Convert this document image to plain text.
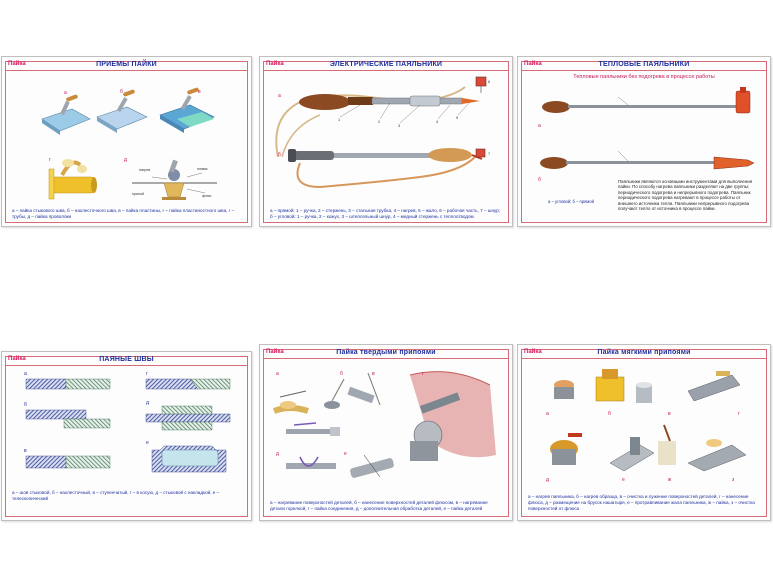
Пайка	ПРИЕМЫ ПАЙКИ
а	б	в
г	д
нагрев	пламя
припой	флюс
а – пайка стыкового шва, б – нахлесточного шва, в – пайка пластины, г – пайка пластиностного шва, г – трубы, д – пайка проволоки
Пайка	ЭЛЕКТРИЧЕСКИЕ ПАЯЛЬНИКИ
а
б
1	2
3
4
5
6
7
а – прямой: 1 – ручка, 2 – стержень, 3 – стальная трубка, 4 – нагрев, 5 – жало, 6 – рабочая часть, 7 – шнур; б – угловой: 1 – ручка, 2 – кожух, 3 – штепсельный шнур, 4 – медный стержень с теплоотводом
Пайка	ТЕПЛОВЫЕ ПАЯЛЬНИКИ
Тепловые паяльники без подогрева в процессе работы
а
б
а – угловой; б – прямой
Паяльники являются основными инструментами для выполнения пайки. По способу нагрева паяльники разделяют на две группы: периодического подогрева и непрерывного подогрева. Паяльник периодического подогрева нагревают в процессе работы от внешнего источника тепла. Паяльники непрерывного подогрева получают тепло от источника в процессе пайки.
Пайка	ПАЯНЫЕ ШВЫ
а
б
в
г
д
е
а – шов стыковой, б – нахлесточный, в – ступенчатый, г – в косую, д – стыковой с накладкой, е – телескопический
Пайка	Пайка твердыми припоями
а	б	в	г
д	е
а – нагревание поверхностей деталей, б – нанесение поверхностей деталей флюсом, в – нагревание детали горелкой, г – пайка соединения, д – дополнительная обработка деталей, е – пайка деталей
Пайка	Пайка мягкими припоями
а	б	в	г
д	е	ж	з
а – нагрев паяльника, б – нагрев образца, в – очистка и лужение поверхностей деталей, г – нанесение флюса, д – размещение на брусок нашатыря, е – протравливание жала паяльника, ж – пайка, з – очистка поверхностей от флюса
